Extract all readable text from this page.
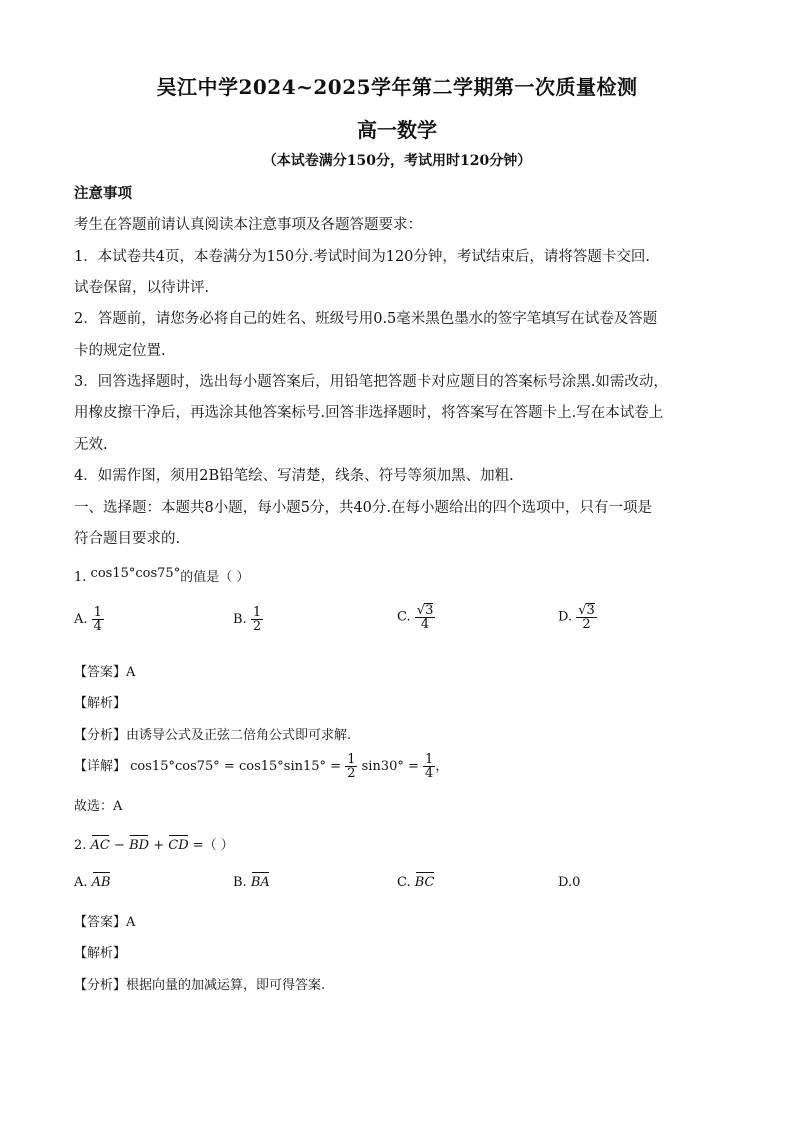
吴江中学2024~2025学年第二学期第一次质量检测
高一数学
（本试卷满分150分，考试用时120分钟）
注意事项
考生在答题前请认真阅读本注意事项及各题答题要求：
1．本试卷共4页，本卷满分为150分.考试时间为120分钟，考试结束后，请将答题卡交回.
试卷保留，以待讲评.
2．答题前，请您务必将自己的姓名、班级号用0.5毫米黑色墨水的签字笔填写在试卷及答题
卡的规定位置.
3．回答选择题时，选出每小题答案后，用铅笔把答题卡对应题目的答案标号涂黑.如需改动，
用橡皮擦干净后，再选涂其他答案标号.回答非选择题时，将答案写在答题卡上.写在本试卷上
无效.
4．如需作图，须用2B铅笔绘、写清楚，线条、符号等须加黑、加粗.
一、选择题：本题共8小题，每小题5分，共40分.在每小题给出的四个选项中，只有一项是
符合题目要求的.
1. cos15°cos75°的值是（ ）
A. $\frac{1}{4}$	B. $\frac{1}{2}$	C. $\frac{√3}{4}$	D. $\frac{√3}{2}$
【答案】A
【解析】
【分析】由诱导公式及正弦二倍角公式即可求解.
【详解】 $\cos 15^\circ\cos 75^\circ = \cos 15^\circ\sin 15^\circ = \frac{1}{2} \sin 30^\circ = \frac{1}{4}$ ，
故选：A
2. AC − BD + CD =（ ）
A. AB	B. BA	C. BC	D.0
【答案】A
【解析】
【分析】根据向量的加减运算，即可得答案.
